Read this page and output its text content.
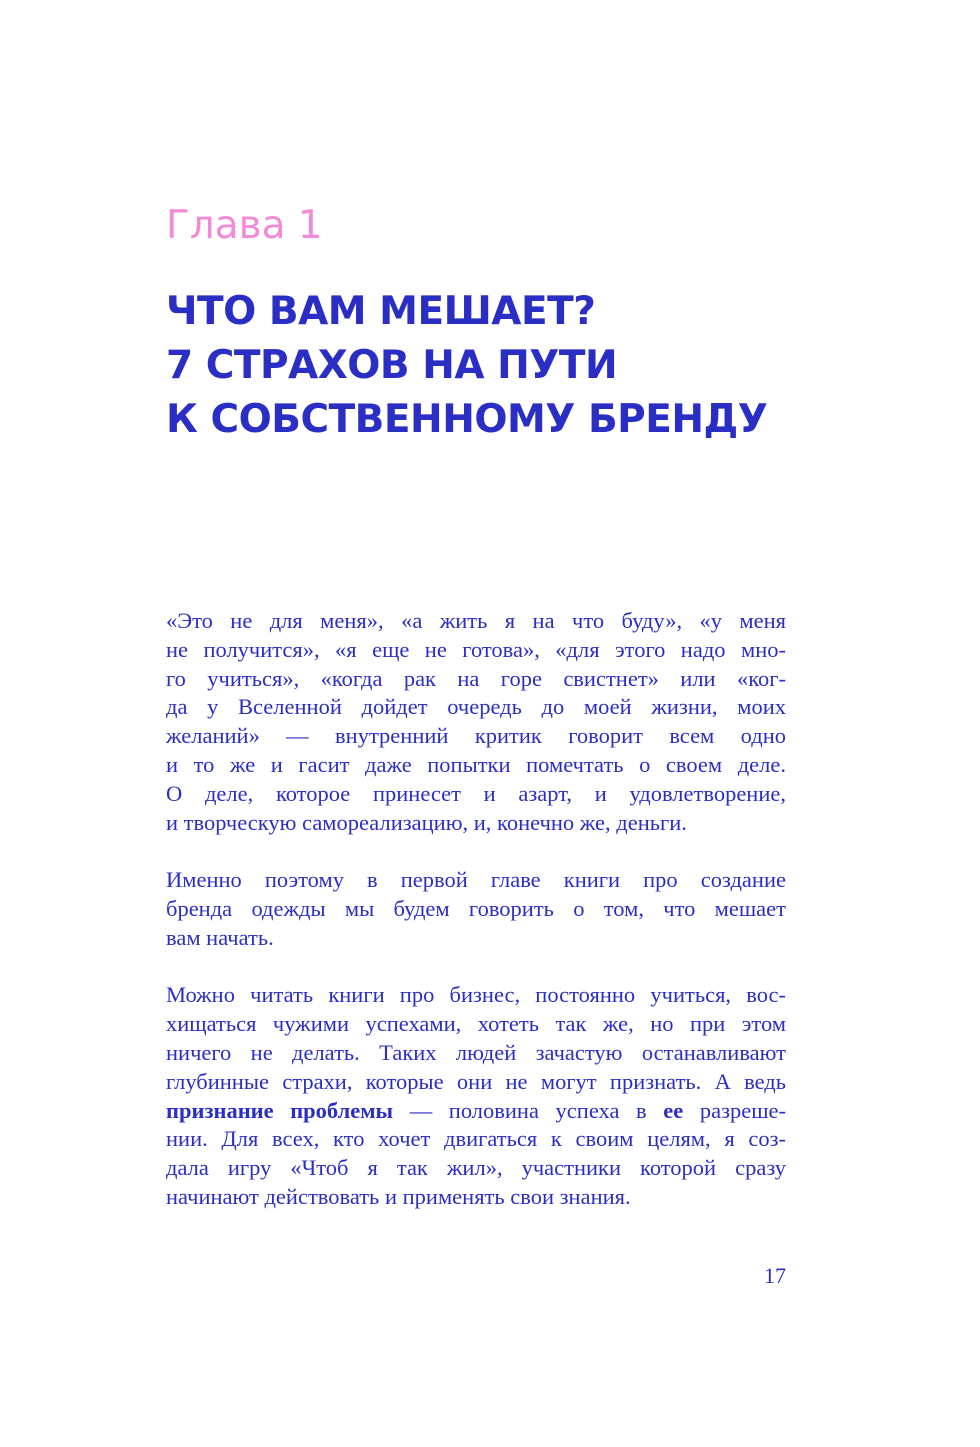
Глава 1
ЧТО ВАМ МЕШАЕТ?
7 СТРАХОВ НА ПУТИ
К СОБСТВЕННОМУ БРЕНДУ

«Это не для меня», «а жить я на что буду», «у меня
не получится», «я еще не готова», «для этого надо мно-
го учиться», «когда рак на горе свистнет» или «ког-
да у Вселенной дойдет очередь до моей жизни, моих
желаний» — внутренний критик говорит всем одно
и то же и гасит даже попытки помечтать о своем деле.
О деле, которое принесет и азарт, и удовлетворение,
и творческую самореализацию, и, конечно же, деньги.

Именно поэтому в первой главе книги про создание
бренда одежды мы будем говорить о том, что мешает
вам начать.

Можно читать книги про бизнес, постоянно учиться, вос-
хищаться чужими успехами, хотеть так же, но при этом
ничего не делать. Таких людей зачастую останавливают
глубинные страхи, которые они не могут признать. А ведь
признание проблемы — половина успеха в ее разреше-
нии. Для всех, кто хочет двигаться к своим целям, я соз-
дала игру «Чтоб я так жил», участники которой сразу
начинают действовать и применять свои знания.

17
